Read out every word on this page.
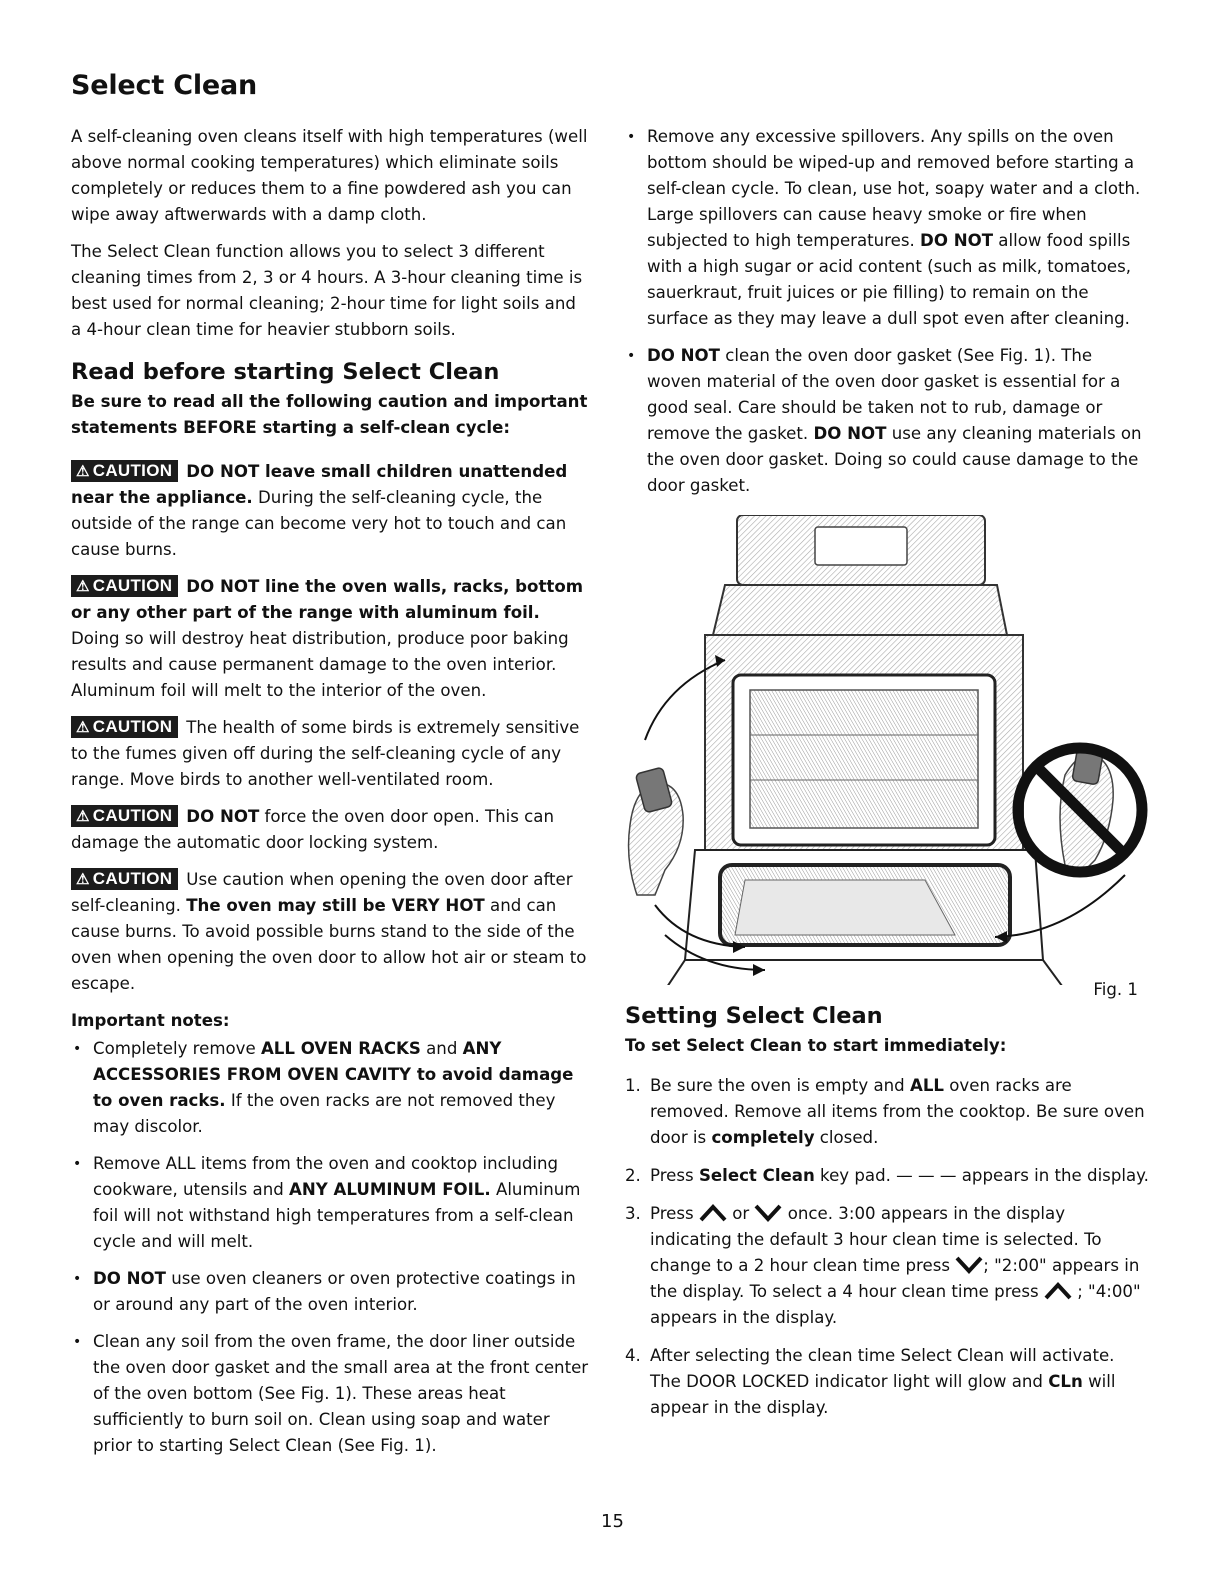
Select Clean

A self-cleaning oven cleans itself with high temperatures (well above normal cooking temperatures) which eliminate soils completely or reduces them to a fine powdered ash you can wipe away aftwerwards with a damp cloth.

The Select Clean function allows you to select 3 different cleaning times from 2, 3 or 4 hours. A 3-hour cleaning time is best used for normal cleaning; 2-hour time for light soils and a 4-hour clean time for heavier stubborn soils.

Read before starting Select Clean

Be sure to read all the following caution and important statements BEFORE starting a self-clean cycle:

⚠ CAUTION DO NOT leave small children unattended near the appliance. During the self-cleaning cycle, the outside of the range can become very hot to touch and can cause burns.

⚠ CAUTION DO NOT line the oven walls, racks, bottom or any other part of the range with aluminum foil. Doing so will destroy heat distribution, produce poor baking results and cause permanent damage to the oven interior. Aluminum foil will melt to the interior of the oven.

⚠ CAUTION The health of some birds is extremely sensitive to the fumes given off during the self-cleaning cycle of any range. Move birds to another well-ventilated room.

⚠ CAUTION DO NOT force the oven door open. This can damage the automatic door locking system.

⚠ CAUTION Use caution when opening the oven door after self-cleaning. The oven may still be VERY HOT and can cause burns. To avoid possible burns stand to the side of the oven when opening the oven door to allow hot air or steam to escape.

Important notes:
• Completely remove ALL OVEN RACKS and ANY ACCESSORIES FROM OVEN CAVITY to avoid damage to oven racks. If the oven racks are not removed they may discolor.
• Remove ALL items from the oven and cooktop including cookware, utensils and ANY ALUMINUM FOIL. Aluminum foil will not withstand high temperatures from a self-clean cycle and will melt.
• DO NOT use oven cleaners or oven protective coatings in or around any part of the oven interior.
• Clean any soil from the oven frame, the door liner outside the oven door gasket and the small area at the front center of the oven bottom (See Fig. 1). These areas heat sufficiently to burn soil on. Clean using soap and water prior to starting Select Clean (See Fig. 1).
• Remove any excessive spillovers. Any spills on the oven bottom should be wiped-up and removed before starting a self-clean cycle. To clean, use hot, soapy water and a cloth. Large spillovers can cause heavy smoke or fire when subjected to high temperatures. DO NOT allow food spills with a high sugar or acid content (such as milk, tomatoes, sauerkraut, fruit juices or pie filling) to remain on the surface as they may leave a dull spot even after cleaning.
• DO NOT clean the oven door gasket (See Fig. 1). The woven material of the oven door gasket is essential for a good seal. Care should be taken not to rub, damage or remove the gasket. DO NOT use any cleaning materials on the oven door gasket. Doing so could cause damage to the door gasket.
Fig. 1
Setting Select Clean

To set Select Clean to start immediately:

1. Be sure the oven is empty and ALL oven racks are removed. Remove all items from the cooktop. Be sure oven door is completely closed.
2. Press Select Clean key pad. — — — appears in the display.
3. Press  or  once. 3:00 appears in the display indicating the default 3 hour clean time is selected. To change to a 2 hour clean time press ; "2:00" appears in the display. To select a 4 hour clean time press  ; "4:00" appears in the display.
4. After selecting the clean time Select Clean will activate. The DOOR LOCKED indicator light will glow and CLn will appear in the display.
15
